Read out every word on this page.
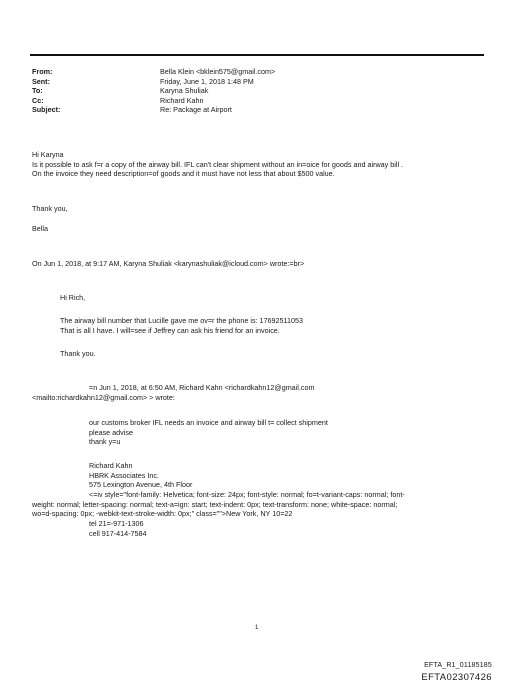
From:	Bella Klein <bklein575@gmail.com>
Sent:	Friday, June 1, 2018 1:48 PM
To:	Karyna Shuliak
Cc:	Richard Kahn
Subject:	Re: Package at Airport
Hi Karyna
Is it possible to ask f=r a copy of the airway bill. IFL can't clear shipment without an in=oice for goods and airway bill .
On the invoice they need description=of goods and it must have not less that about $500 value.
Thank you,
Bella
On Jun 1, 2018, at 9:17 AM, Karyna Shuliak <karynashuliak@icloud.com> wrote:=br>
Hi Rich,
The airway bill number that Lucille gave me ov=r the phone is: 17692511053
That is all I have. I will=see if Jeffrey can ask his friend for an invoice.
Thank you.
=n Jun 1, 2018, at 6:50 AM, Richard Kahn <richardkahn12@gmail.com
<mailto:richardkahn12@gmail.com> > wrote:
our customs broker IFL needs an invoice and airway bill t= collect shipment
please advise
thank y=u
Richard Kahn
HBRK Associates Inc.
575 Lexington Avenue, 4th Floor
<=iv style="font-family: Helvetica; font-size: 24px; font-style: normal; fo=t-variant-caps: normal; font-
weight: normal; letter-spacing: normal; text-a=ign: start; text-indent: 0px; text-transform: none; white-space: normal;
wo=d-spacing: 0px; -webkit-text-stroke-width: 0px;" class="">New York, NY 10=22
tel 21=-971-1306
cell 917-414-7584
1
EFTA_R1_01185185
EFTA02307426
